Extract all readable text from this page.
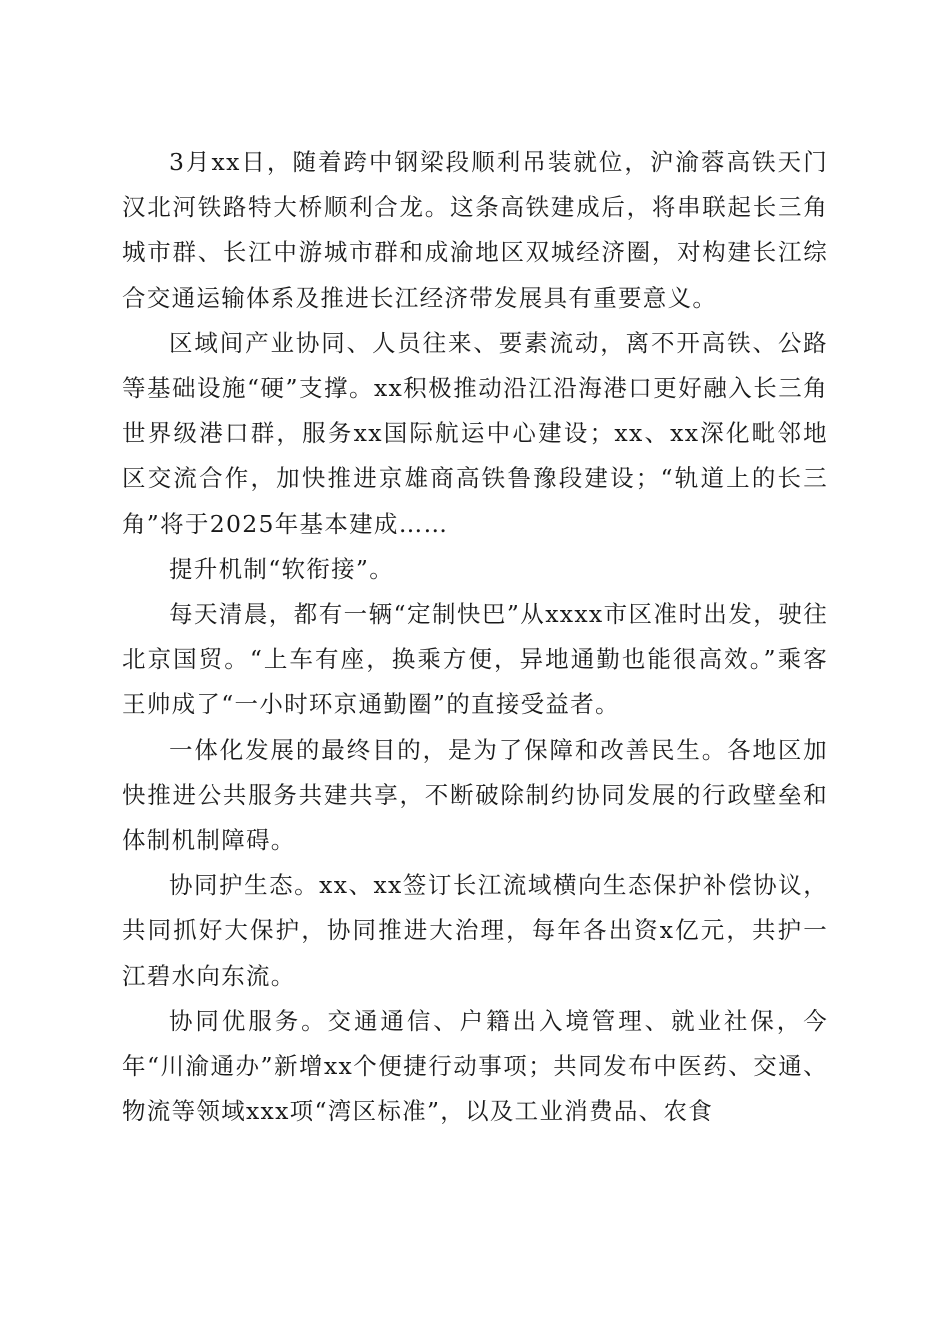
3月xx日，随着跨中钢梁段顺利吊装就位，沪渝蓉高铁天门汉北河铁路特大桥顺利合龙。这条高铁建成后，将串联起长三角城市群、长江中游城市群和成渝地区双城经济圈，对构建长江综合交通运输体系及推进长江经济带发展具有重要意义。

区域间产业协同、人员往来、要素流动，离不开高铁、公路等基础设施“硬”支撑。xx积极推动沿江沿海港口更好融入长三角世界级港口群，服务xx国际航运中心建设；xx、xx深化毗邻地区交流合作，加快推进京雄商高铁鲁豫段建设；“轨道上的长三角”将于2025年基本建成……

提升机制“软衔接”。

每天清晨，都有一辆“定制快巴”从xxxx市区准时出发，驶往北京国贸。“上车有座，换乘方便，异地通勤也能很高效。”乘客王帅成了“一小时环京通勤圈”的直接受益者。

一体化发展的最终目的，是为了保障和改善民生。各地区加快推进公共服务共建共享，不断破除制约协同发展的行政壁垒和体制机制障碍。

协同护生态。xx、xx签订长江流域横向生态保护补偿协议，共同抓好大保护，协同推进大治理，每年各出资x亿元，共护一江碧水向东流。

协同优服务。交通通信、户籍出入境管理、就业社保，今年“川渝通办”新增xx个便捷行动事项；共同发布中医药、交通、物流等领域xxx项“湾区标准”，以及工业消费品、农食
